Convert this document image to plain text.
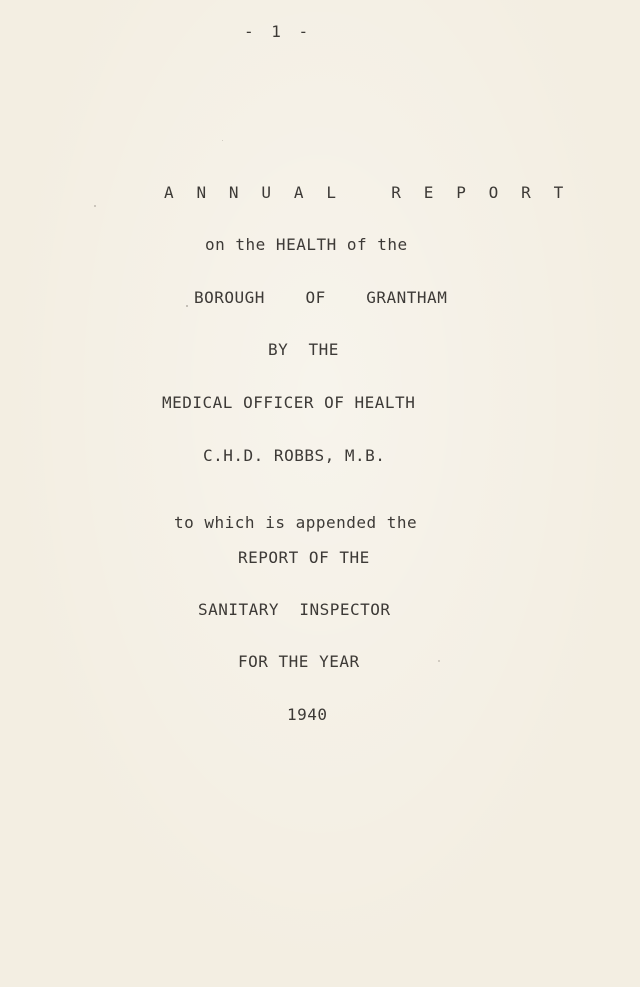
- 1 -
A N N U A L   R E P O R T
on the HEALTH of the
BOROUGH    OF    GRANTHAM
BY  THE
MEDICAL OFFICER OF HEALTH
C.H.D. ROBBS, M.B.
to which is appended the
REPORT OF THE
SANITARY  INSPECTOR
FOR THE YEAR
1940
